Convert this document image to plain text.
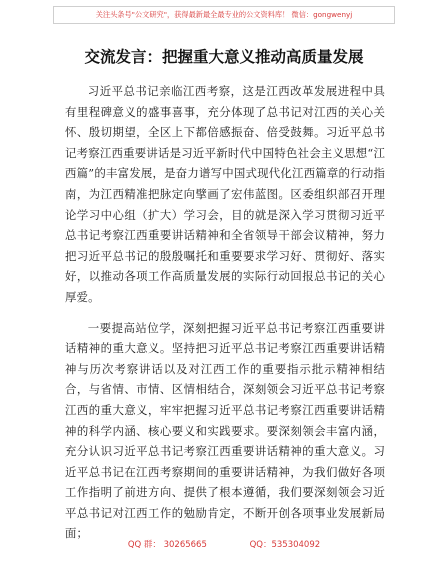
关注头条号"公文研究"，获得最新最全最专业的公文资料库！ 微信：gongwenyj
交流发言：把握重大意义推动高质量发展

习近平总书记亲临江西考察，这是江西改革发展进程中具有里程碑意义的盛事喜事，充分体现了总书记对江西的关心关怀、殷切期望，全区上下都倍感振奋、倍受鼓舞。习近平总书记考察江西重要讲话是习近平新时代中国特色社会主义思想“江西篇”的丰富发展，是奋力谱写中国式现代化江西篇章的行动指南，为江西精准把脉定向擘画了宏伟蓝图。区委组织部召开理论学习中心组（扩大）学习会，目的就是深入学习贯彻习近平总书记考察江西重要讲话精神和全省领导干部会议精神，努力把习近平总书记的殷殷嘱托和重要要求学习好、贯彻好、落实好，以推动各项工作高质量发展的实际行动回报总书记的关心厚爱。

一要提高站位学，深刻把握习近平总书记考察江西重要讲话精神的重大意义。坚持把习近平总书记考察江西重要讲话精神与历次考察讲话以及对江西工作的重要指示批示精神相结合，与省情、市情、区情相结合，深刻领会习近平总书记考察江西的重大意义，牢牢把握习近平总书记考察江西重要讲话精神的科学内涵、核心要义和实践要求。要深刻领会丰富内涵，充分认识习近平总书记考察江西重要讲话精神的重大意义。习近平总书记在江西考察期间的重要讲话精神，为我们做好各项工作指明了前进方向、提供了根本遵循，我们要深刻领会习近平总书记对江西工作的勉励肯定，不断开创各项事业发展新局面；

QQ 群： 30265665	QQ：535304092
